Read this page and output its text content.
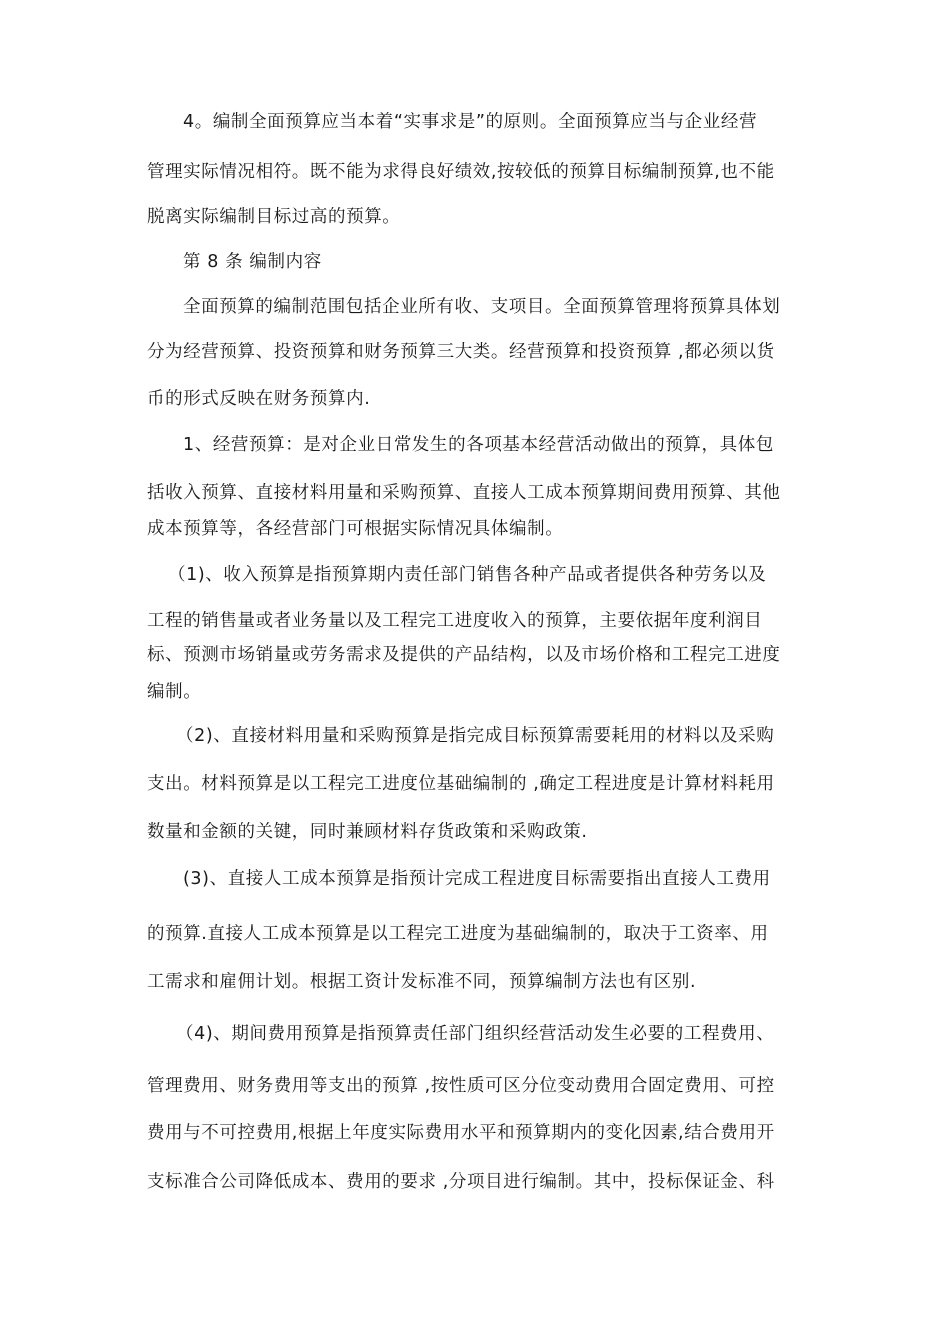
4。编制全面预算应当本着“实事求是”的原则。全面预算应当与企业经营
管理实际情况相符。既不能为求得良好绩效,按较低的预算目标编制预算,也不能
脱离实际编制目标过高的预算。
第 8 条 编制内容
全面预算的编制范围包括企业所有收、支项目。全面预算管理将预算具体划
分为经营预算、投资预算和财务预算三大类。经营预算和投资预算 ,都必须以货
币的形式反映在财务预算内.
1、经营预算：是对企业日常发生的各项基本经营活动做出的预算，具体包
括收入预算、直接材料用量和采购预算、直接人工成本预算期间费用预算、其他
成本预算等，各经营部门可根据实际情况具体编制。
（1)、收入预算是指预算期内责任部门销售各种产品或者提供各种劳务以及
工程的销售量或者业务量以及工程完工进度收入的预算，主要依据年度利润目
标、预测市场销量或劳务需求及提供的产品结构，以及市场价格和工程完工进度
编制。
（2)、直接材料用量和采购预算是指完成目标预算需要耗用的材料以及采购
支出。材料预算是以工程完工进度位基础编制的 ,确定工程进度是计算材料耗用
数量和金额的关键，同时兼顾材料存货政策和采购政策.
(3)、直接人工成本预算是指预计完成工程进度目标需要指出直接人工费用
的预算.直接人工成本预算是以工程完工进度为基础编制的，取决于工资率、用
工需求和雇佣计划。根据工资计发标准不同，预算编制方法也有区别.
（4)、期间费用预算是指预算责任部门组织经营活动发生必要的工程费用、
管理费用、财务费用等支出的预算 ,按性质可区分位变动费用合固定费用、可控
费用与不可控费用,根据上年度实际费用水平和预算期内的变化因素,结合费用开
支标准合公司降低成本、费用的要求 ,分项目进行编制。其中，投标保证金、科
